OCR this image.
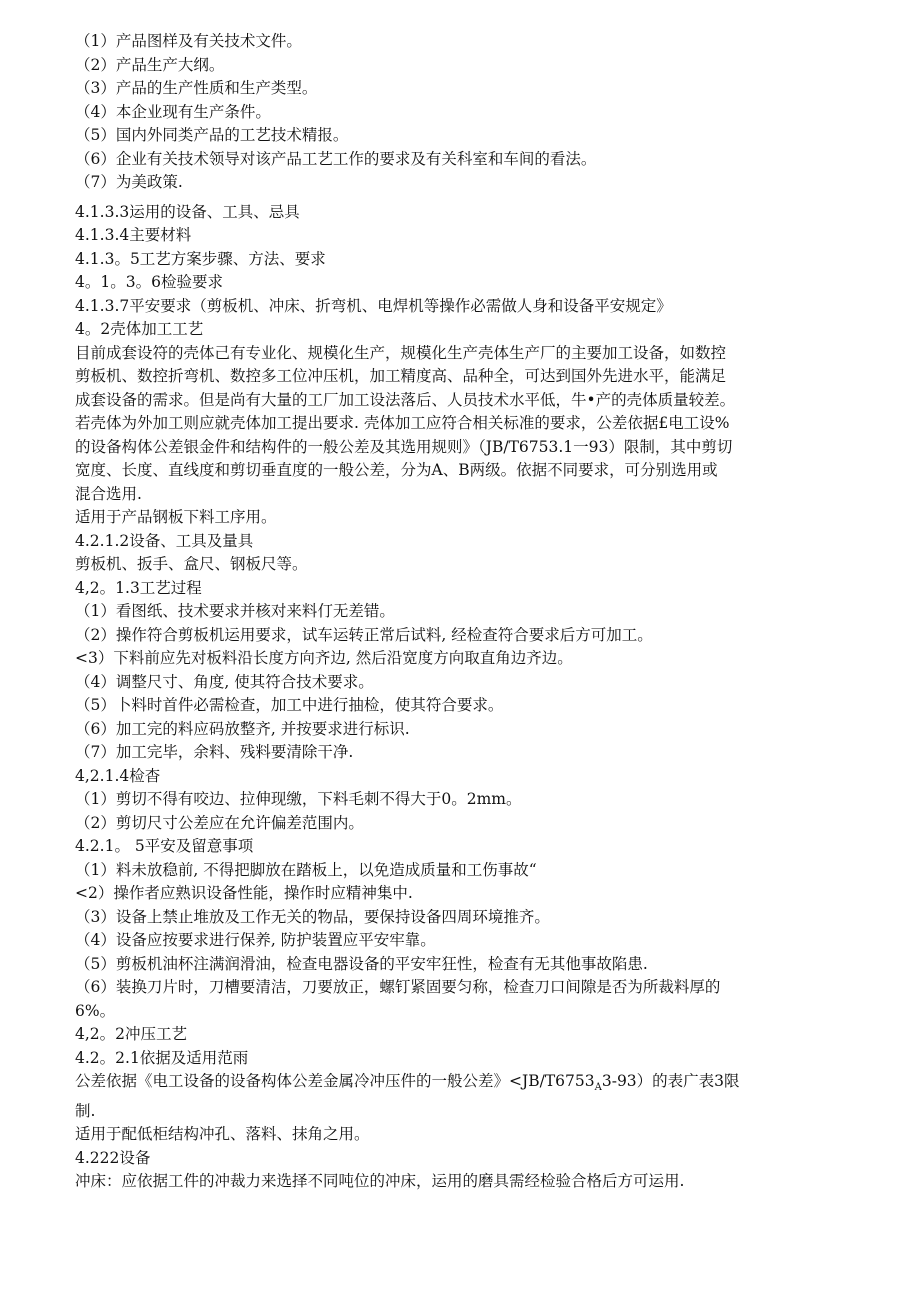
（1）产品图样及有关技术文件。
（2）产品生产大纲。
（3）产品的生产性质和生产类型。
（4）本企业现有生产条件。
（5）国内外同类产品的工艺技术精报。
（6）企业有关技术领导对该产品工艺工作的要求及有关科室和车间的看法。
（7）为美政策.
4.1.3.3运用的设备、工具、忌具
4.1.3.4主要材料
4.1.3。5工艺方案步骤、方法、要求
4。1。3。6检验要求
4.1.3.7平安要求（剪板机、冲床、折弯机、电焊机等操作必需做人身和设备平安规定》
4。2壳体加工工艺
目前成套设符的壳体己有专业化、规模化生产，规模化生产壳体生产厂的主要加工设备，如数控
剪板机、数控折弯机、数控多工位冲压机，加工精度高、品种全，可达到国外先进水平，能满足
成套设备的需求。但是尚有大量的工厂加工设法落后、人员技术水平低，牛•产的壳体质量较差。
若壳体为外加工则应就壳体加工提出要求. 壳体加工应符合相关标准的要求，公差依据£电工设%
的设备构体公差银金件和结构件的一般公差及其选用规则》（JB/T6753.1一93）限制，其中剪切
宽度、长度、直线度和剪切垂直度的一般公差，分为A、B两级。依据不同要求，可分别选用或
混合选用.
适用于产品钢板下料工序用。
4.2.1.2设备、工具及量具
剪板机、扳手、盒尺、钢板尺等。
4,2。1.3工艺过程
（1）看图纸、技术要求并核对来料仃无差错。
（2）操作符合剪板机运用要求，试车运转正常后试料, 经检查符合要求后方可加工。
<3）下料前应先对板料沿长度方向齐边, 然后沿宽度方向取直角边齐边。
（4）调整尺寸、角度, 使其符合技术要求。
（5）卜料时首件必需检查，加工中进行抽检，使其符合要求。
（6）加工完的料应码放整齐, 并按要求进行标识.
（7）加工完毕，余料、残料要清除干净.
4,2.1.4检杳
（1）剪切不得有咬边、拉伸现缴，下料毛刺不得大于0。2mm。
（2）剪切尺寸公差应在允许偏差范围内。
4.2.1。 5平安及留意事项
（1）料未放稳前, 不得把脚放在踏板上，以免造成质量和工伤事故“
<2）操作者应熟识设备性能，操作时应精神集中.
（3）设备上禁止堆放及工作无关的物品，要保持设备四周环境推齐。
（4）设备应按要求进行保养, 防护装置应平安牢靠。
（5）剪板机油杯注满润滑油，检查电器设备的平安牢狂性，检查有无其他事故陷患.
（6）装换刀片时，刀槽要清洁，刀要放正，螺钉紧固要匀称，检查刀口间隙是否为所裁料厚的
6%。
4,2。2冲压工艺
4.2。2.1依据及适用范雨
公差依据《电工设备的设备构体公差金属冷冲压件的一般公差》$<JB/T6753_A3-93$）的表广表3限
制.
适用于配低柜结构冲孔、落料、抹角之用。
4.222设备
冲床：应依据工件的冲裁力来选择不同吨位的冲床，运用的磨具需经检验合格后方可运用.
